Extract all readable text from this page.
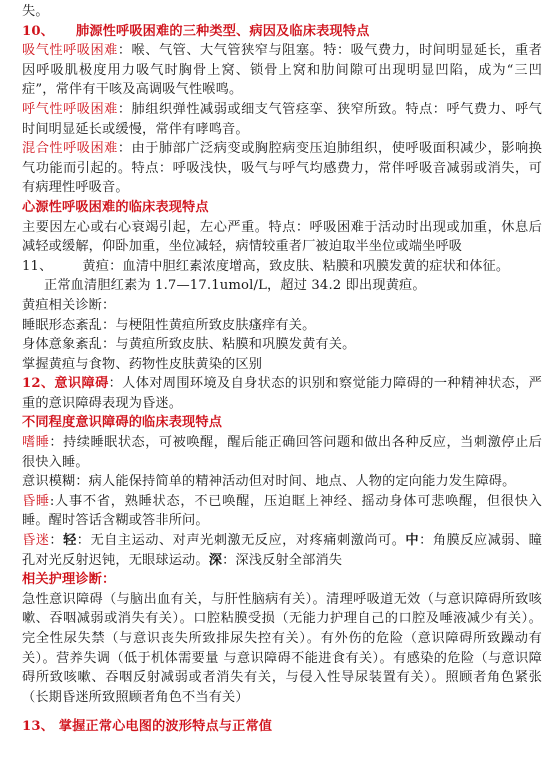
失。

10、 肺源性呼吸困难的三种类型、病因及临床表现特点

吸气性呼吸困难：喉、气管、大气管狭窄与阻塞。特：吸气费力，时间明显延长，重者因呼吸肌极度用力吸气时胸骨上窝、锁骨上窝和肋间隙可出现明显凹陷，成为“三凹症”，常伴有干咳及高调吸气性喉鸣。

呼气性呼吸困难：肺组织弹性减弱或细支气管痉挛、狭窄所致。特点：呼气费力、呼气时间明显延长或缓慢，常伴有哮鸣音。

混合性呼吸困难：由于肺部广泛病变或胸腔病变压迫肺组织，使呼吸面积减少，影响换气功能而引起的。特点：呼吸浅快，吸气与呼气均感费力，常伴呼吸音减弱或消失，可有病理性呼吸音。

心源性呼吸困难的临床表现特点

主要因左心或右心衰竭引起，左心严重。特点：呼吸困难于活动时出现或加重，休息后减轻或缓解，仰卧加重，坐位减轻，病情较重者厂被迫取半坐位或端坐呼吸

11、 黄疸：血清中胆红素浓度增高，致皮肤、粘膜和巩膜发黄的症状和体征。

正常血清胆红素为 1.7—17.1umol/L，超过 34.2 即出现黄疸。

黄疸相关诊断：

睡眠形态紊乱：与梗阻性黄疸所致皮肤瘙痒有关。

身体意象紊乱：与黄疸所致皮肤、粘膜和巩膜发黄有关。

掌握黄疸与食物、药物性皮肤黄染的区别

12、意识障碍：人体对周围环境及自身状态的识别和察觉能力障碍的一种精神状态，严重的意识障碍表现为昏迷。

不同程度意识障碍的临床表现特点

嗜睡：持续睡眠状态，可被唤醒，醒后能正确回答问题和做出各种反应，当刺激停止后很快入睡。

意识模糊：病人能保持简单的精神活动但对时间、地点、人物的定向能力发生障碍。

昏睡:人事不省，熟睡状态，不已唤醒，压迫眶上神经、摇动身体可悲唤醒，但很快入睡。醒时答话含糊或答非所问。

昏迷：轻：无自主运动、对声光刺激无反应，对疼痛刺激尚可。中：角膜反应减弱、瞳孔对光反射迟钝，无眼球运动。深：深浅反射全部消失

相关护理诊断：

急性意识障碍（与脑出血有关，与肝性脑病有关）。清理呼吸道无效（与意识障碍所致咳嗽、吞咽减弱或消失有关）。口腔粘膜受损（无能力护理自己的口腔及唾液减少有关）。完全性尿失禁（与意识丧失所致排尿失控有关）。有外伤的危险（意识障碍所致躁动有关）。营养失调（低于机体需要量 与意识障碍不能进食有关）。有感染的危险（与意识障碍所致咳嗽、吞咽反射减弱或者消失有关，与侵入性导尿装置有关）。照顾者角色紧张（长期昏迷所致照顾者角色不当有关）

13、 掌握正常心电图的波形特点与正常值
